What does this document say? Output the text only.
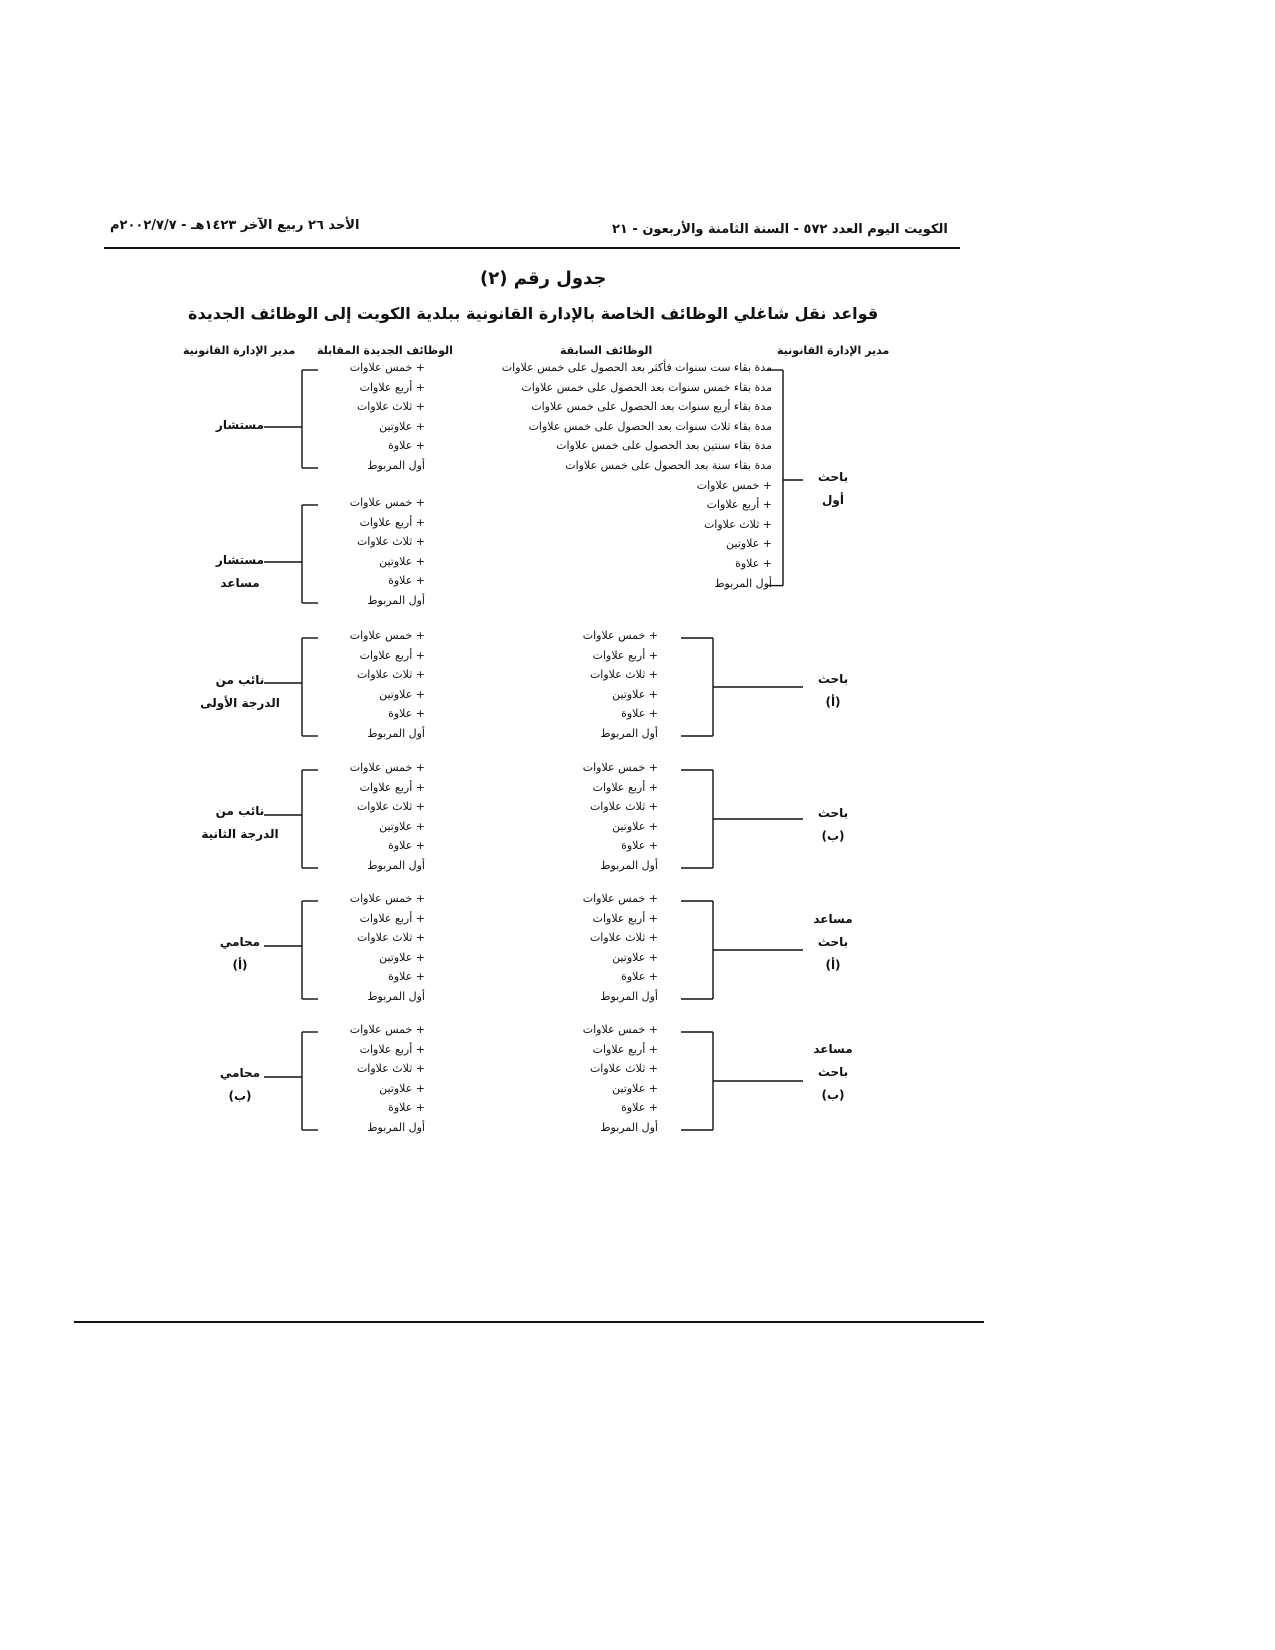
الكويت اليوم العدد ٥٧٢ - السنة الثامنة والأربعون - ٢١
الأحد ٢٦ ربيع الآخر ١٤٢٣هـ - ٢٠٠٢/٧/٧م
جدول رقم (٢)
قواعد نقل شاغلي الوظائف الخاصة بالإدارة القانونية ببلدية الكويت إلى الوظائف الجديدة
مدير الإدارة القانونية
الوظائف السابقة
الوظائف الجديدة المقابلة
مدير الإدارة القانونية
مدة بقاء ست سنوات فأكثر بعد الحصول على خمس علاوات
مدة بقاء خمس سنوات بعد الحصول على خمس علاوات
مدة بقاء أربع سنوات بعد الحصول على خمس علاوات
مدة بقاء ثلاث سنوات بعد الحصول على خمس علاوات
مدة بقاء سنتين بعد الحصول على خمس علاوات
مدة بقاء سنة بعد الحصول على خمس علاوات
+ خمس علاوات
+ أربع علاوات
+ ثلاث علاوات
+ علاوتين
+ علاوة
أول المربوط
باحث
أول
+ خمس علاوات
+ أربع علاوات
+ ثلاث علاوات
+ علاوتين
+ علاوة
أول المربوط
مستشار
+ خمس علاوات
+ أربع علاوات
+ ثلاث علاوات
+ علاوتين
+ علاوة
أول المربوط
مستشار
مساعد
+ خمس علاوات
+ أربع علاوات
+ ثلاث علاوات
+ علاوتين
+ علاوة
أول المربوط
+ خمس علاوات
+ أربع علاوات
+ ثلاث علاوات
+ علاوتين
+ علاوة
أول المربوط
باحث
(أ)
نائب من
الدرجة الأولى
+ خمس علاوات
+ أربع علاوات
+ ثلاث علاوات
+ علاوتين
+ علاوة
أول المربوط
+ خمس علاوات
+ أربع علاوات
+ ثلاث علاوات
+ علاوتين
+ علاوة
أول المربوط
باحث
(ب)
نائب من
الدرجة الثانية
+ خمس علاوات
+ أربع علاوات
+ ثلاث علاوات
+ علاوتين
+ علاوة
أول المربوط
+ خمس علاوات
+ أربع علاوات
+ ثلاث علاوات
+ علاوتين
+ علاوة
أول المربوط
مساعد
باحث
(أ)
محامي
(أ)
+ خمس علاوات
+ أربع علاوات
+ ثلاث علاوات
+ علاوتين
+ علاوة
أول المربوط
+ خمس علاوات
+ أربع علاوات
+ ثلاث علاوات
+ علاوتين
+ علاوة
أول المربوط
مساعد
باحث
(ب)
محامي
(ب)
